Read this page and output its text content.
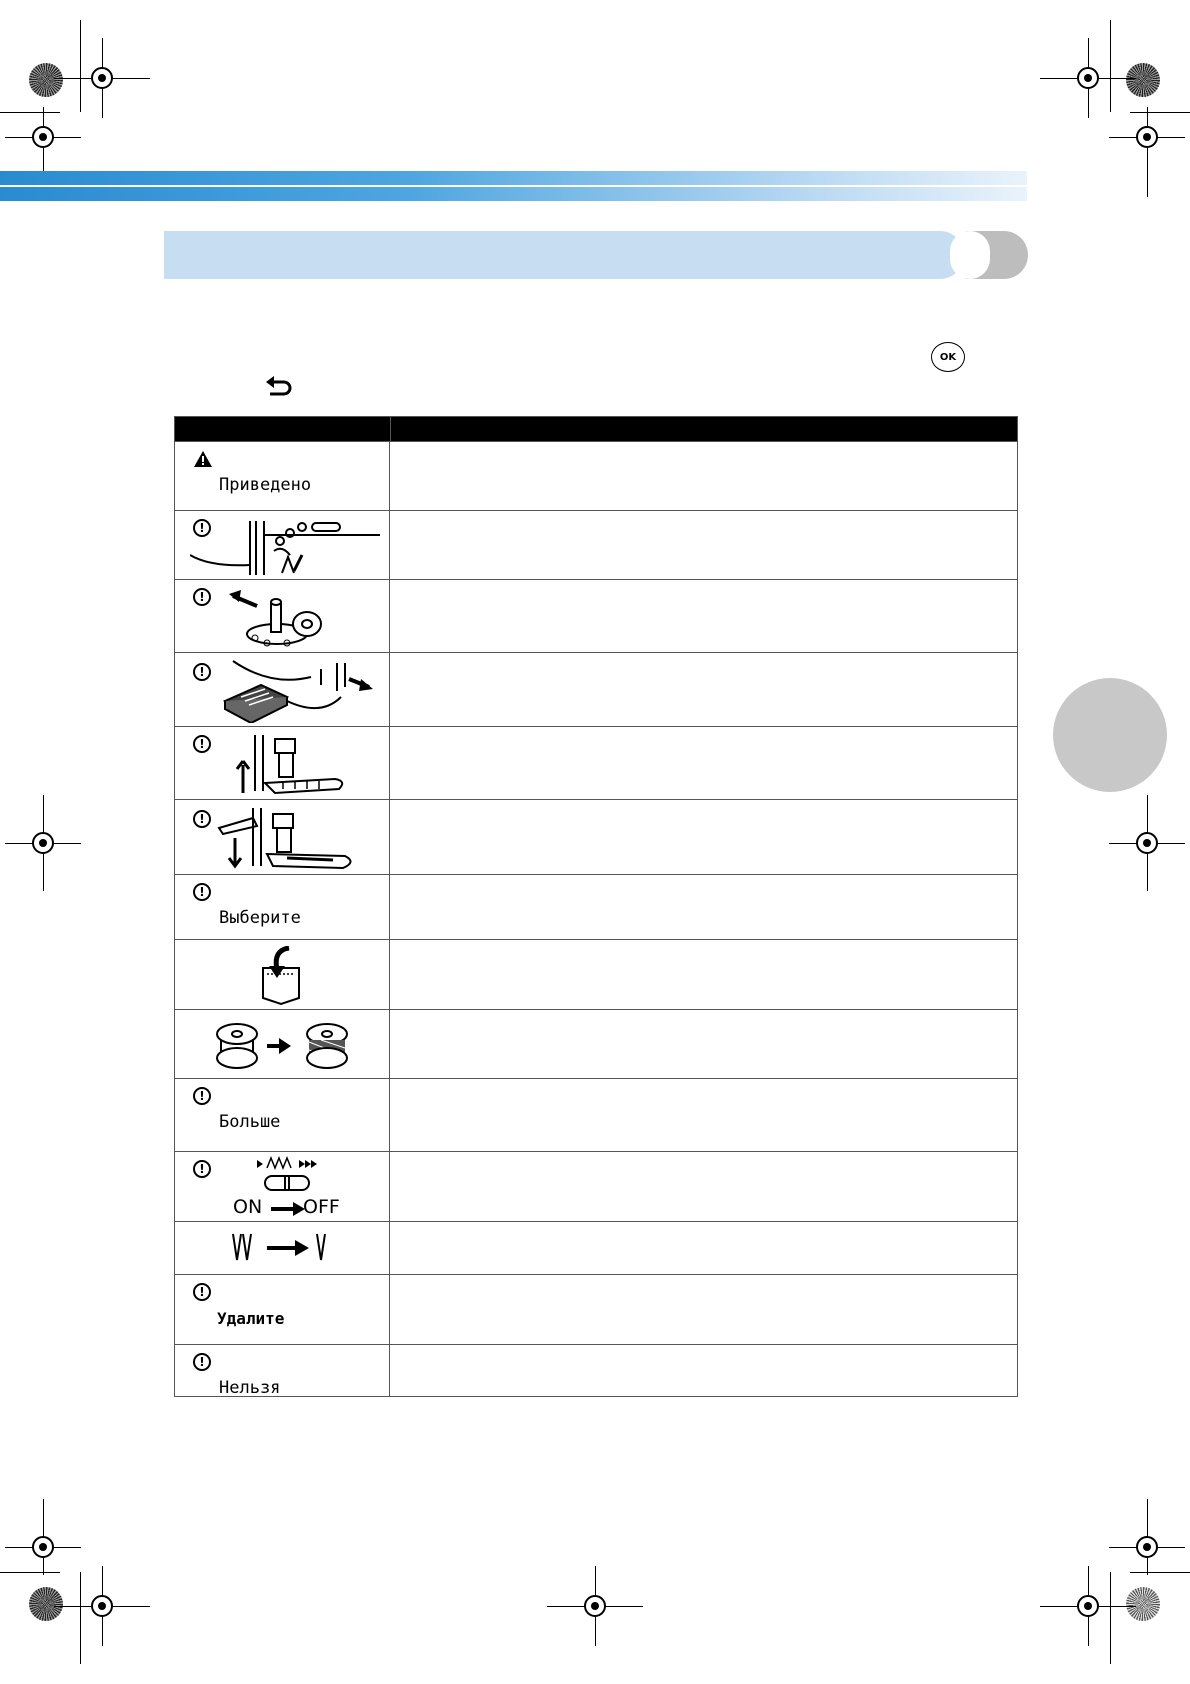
OK

Приведено

!
!
!
!
!
!

Выберите

!

Больше

!
ON OFF
!

Удалите

!

Нельзя
